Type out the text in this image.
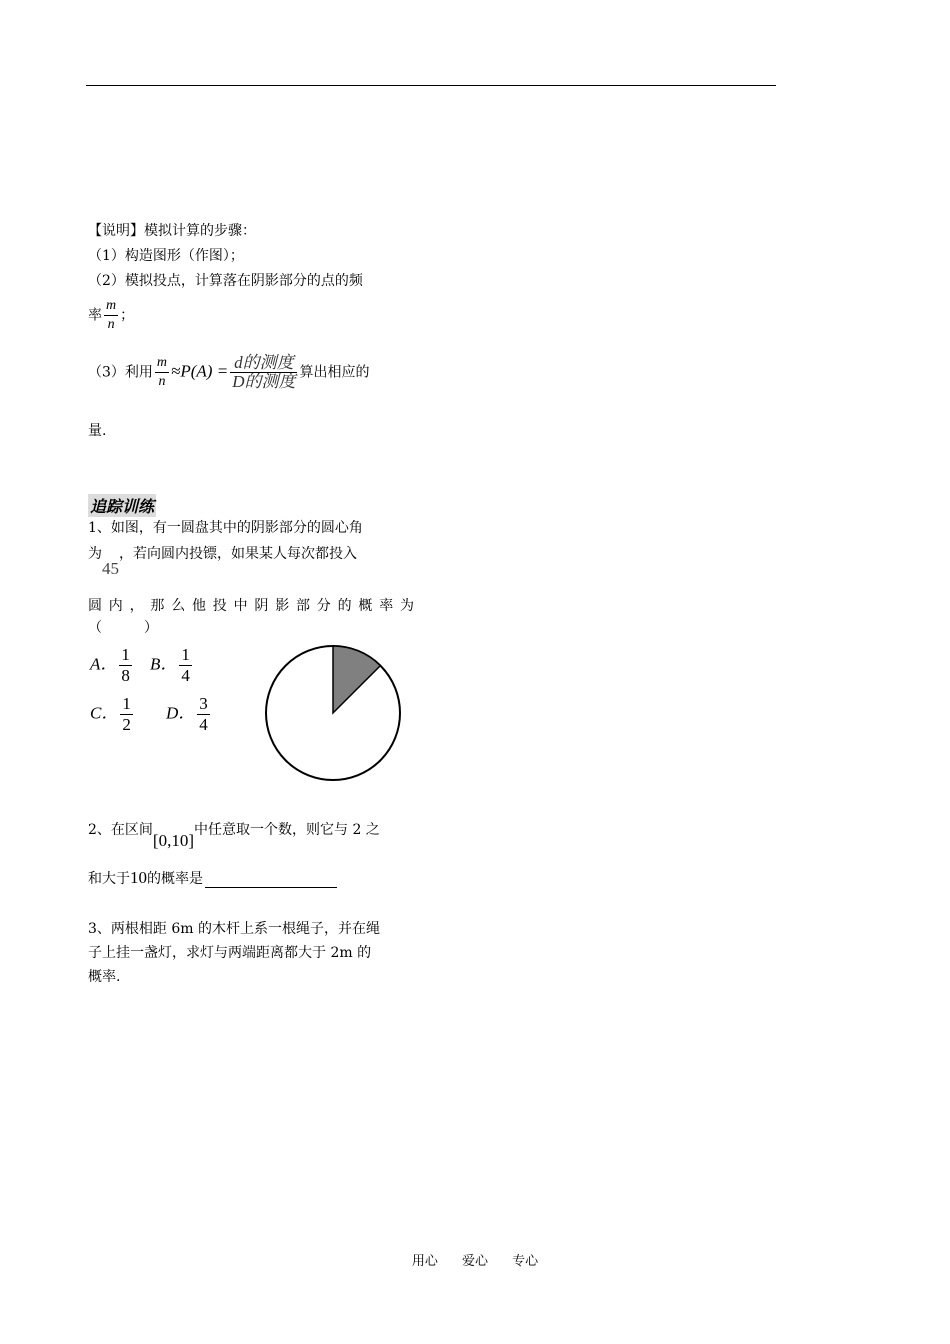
【说明】模拟计算的步骤：
（1）构造图形（作图）；
（2）模拟投点，计算落在阴影部分的点的频
率 $\frac{m}{n}$ ；
（3）利用 $\frac{m}{n} \approx P(A) = \frac{\text{d的测度}}{\text{D的测度}}$ 算出相应的
量.
追踪训练
1、如图，有一圆盘其中的阴影部分的圆心角
为45，若向圆内投镖，如果某人每次都投入
圆内，那么他投中阴影部分的概率为
（　　　）
A． $\frac{1}{8}$ B． $\frac{1}{4}$
C． $\frac{1}{2}$ D． $\frac{3}{4}$
2、在区间[0,10]中任意取一个数，则它与 2 之
和大于10的概率是
3、两根相距 6m 的木杆上系一根绳子，并在绳
子上挂一盏灯，求灯与两端距离都大于 2m 的
概率.
用心 爱心 专心
